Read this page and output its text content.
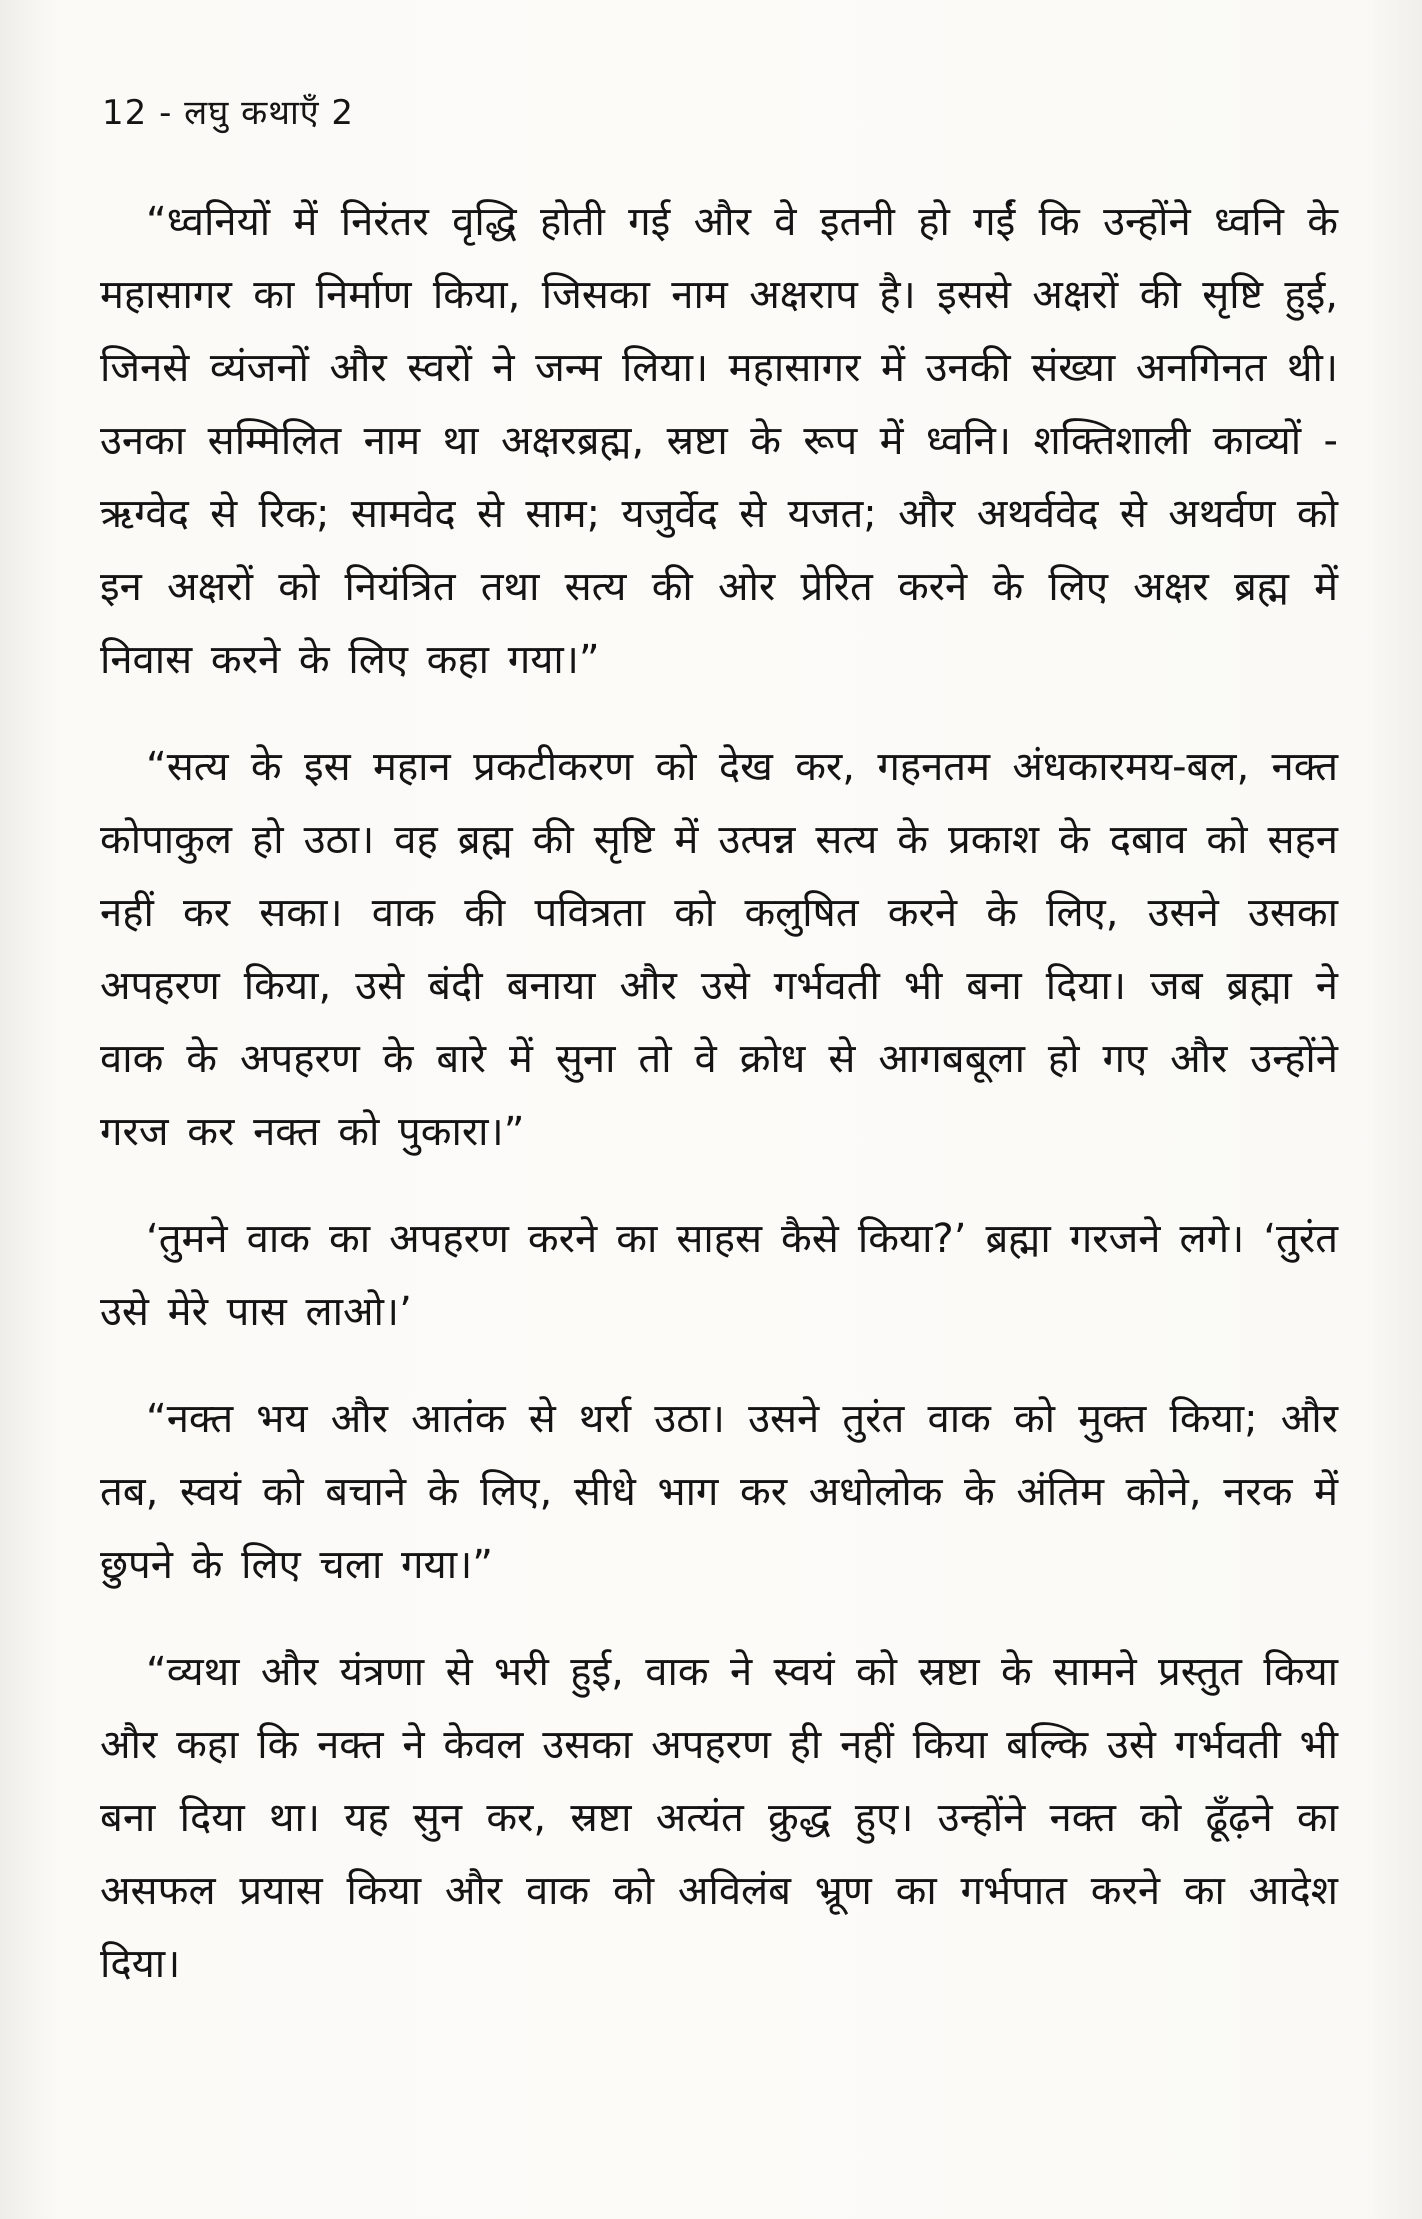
12 - लघु कथाएँ 2

“ध्वनियों में निरंतर वृद्धि होती गई और वे इतनी हो गईं कि उन्होंने ध्वनि के महासागर का निर्माण किया, जिसका नाम अक्षराप है। इससे अक्षरों की सृष्टि हुई, जिनसे व्यंजनों और स्वरों ने जन्म लिया। महासागर में उनकी संख्या अनगिनत थी। उनका सम्मिलित नाम था अक्षरब्रह्म, स्रष्टा के रूप में ध्वनि। शक्तिशाली काव्यों - ऋग्वेद से रिक; सामवेद से साम; यजुर्वेद से यजत; और अथर्ववेद से अथर्वण को इन अक्षरों को नियंत्रित तथा सत्य की ओर प्रेरित करने के लिए अक्षर ब्रह्म में निवास करने के लिए कहा गया।”

“सत्य के इस महान प्रकटीकरण को देख कर, गहनतम अंधकारमय-बल, नक्त कोपाकुल हो उठा। वह ब्रह्म की सृष्टि में उत्पन्न सत्य के प्रकाश के दबाव को सहन नहीं कर सका। वाक की पवित्रता को कलुषित करने के लिए, उसने उसका अपहरण किया, उसे बंदी बनाया और उसे गर्भवती भी बना दिया। जब ब्रह्मा ने वाक के अपहरण के बारे में सुना तो वे क्रोध से आगबबूला हो गए और उन्होंने गरज कर नक्त को पुकारा।”

‘तुमने वाक का अपहरण करने का साहस कैसे किया?’ ब्रह्मा गरजने लगे। ‘तुरंत उसे मेरे पास लाओ।’

“नक्त भय और आतंक से थर्रा उठा। उसने तुरंत वाक को मुक्त किया; और तब, स्वयं को बचाने के लिए, सीधे भाग कर अधोलोक के अंतिम कोने, नरक में छुपने के लिए चला गया।”

“व्यथा और यंत्रणा से भरी हुई, वाक ने स्वयं को स्रष्टा के सामने प्रस्तुत किया और कहा कि नक्त ने केवल उसका अपहरण ही नहीं किया बल्कि उसे गर्भवती भी बना दिया था। यह सुन कर, स्रष्टा अत्यंत क्रुद्ध हुए। उन्होंने नक्त को ढूँढ़ने का असफल प्रयास किया और वाक को अविलंब भ्रूण का गर्भपात करने का आदेश दिया।
